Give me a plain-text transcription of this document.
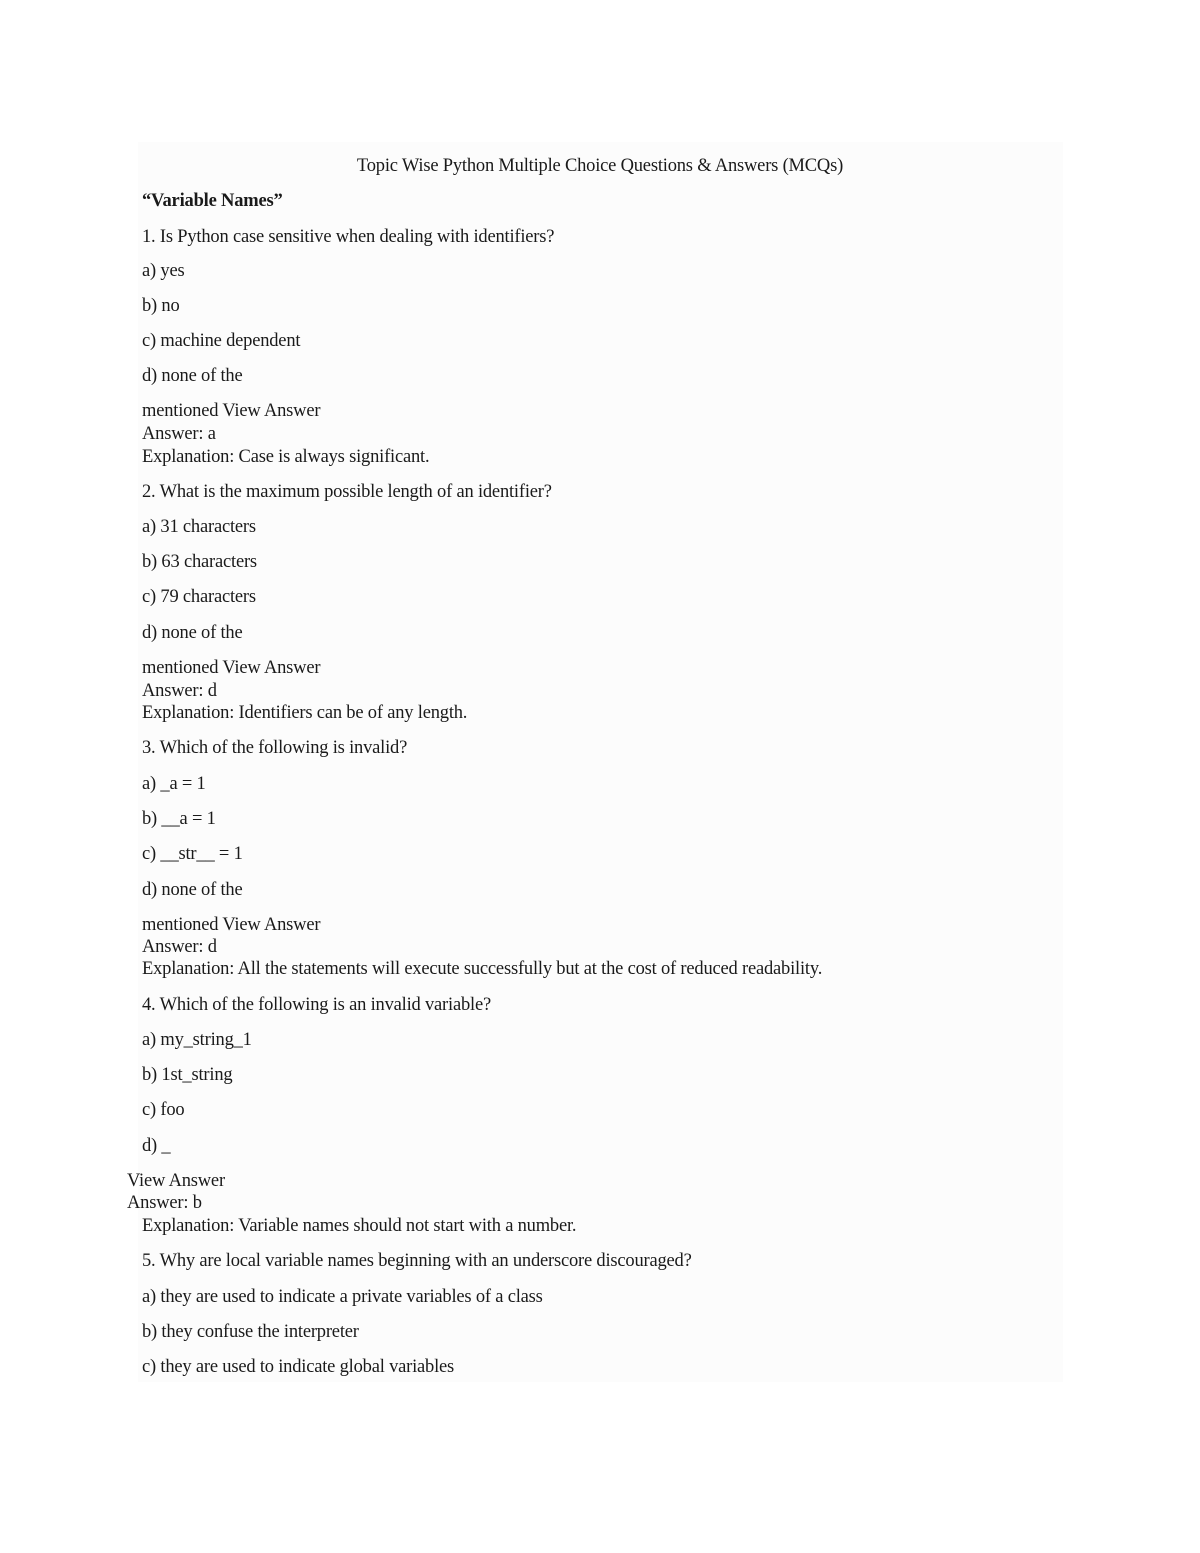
Topic Wise Python Multiple Choice Questions & Answers (MCQs)
“Variable Names”
1. Is Python case sensitive when dealing with identifiers?
a) yes
b) no
c) machine dependent
d) none of the
mentioned View Answer
Answer: a
Explanation: Case is always significant.
2. What is the maximum possible length of an identifier?
a) 31 characters
b) 63 characters
c) 79 characters
d) none of the
mentioned View Answer
Answer: d
Explanation: Identifiers can be of any length.
3. Which of the following is invalid?
a) _a = 1
b) __a = 1
c) __str__ = 1
d) none of the
mentioned View Answer
Answer: d
Explanation: All the statements will execute successfully but at the cost of reduced readability.
4. Which of the following is an invalid variable?
a) my_string_1
b) 1st_string
c) foo
d) _
View Answer
Answer: b
Explanation: Variable names should not start with a number.
5. Why are local variable names beginning with an underscore discouraged?
a) they are used to indicate a private variables of a class
b) they confuse the interpreter
c) they are used to indicate global variables
